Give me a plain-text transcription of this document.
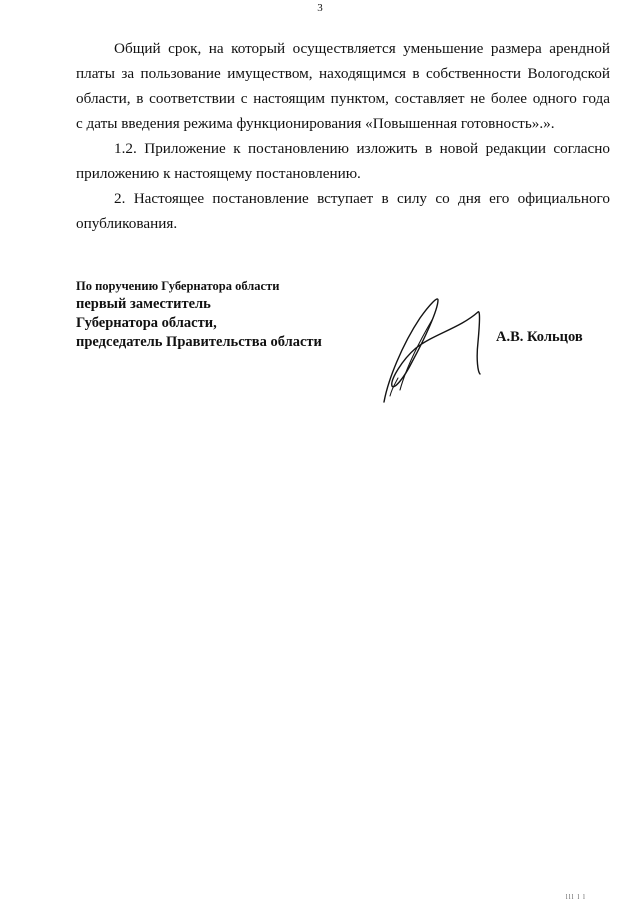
3

Общий срок, на который осуществляется уменьшение размера арендной
платы за пользование имуществом, находящимся в собственности Вологодской
области, в соответствии с настоящим пунктом, составляет не более одного года
с даты введения режима функционирования «Повышенная готовность».».

1.2. Приложение к постановлению изложить в новой редакции согласно
приложению к настоящему постановлению.

2. Настоящее постановление вступает в силу со дня его официального
опубликования.

По поручению Губернатора области
первый заместитель
Губернатора области,
председатель Правительства области	А.В. Кольцов
lll l l
